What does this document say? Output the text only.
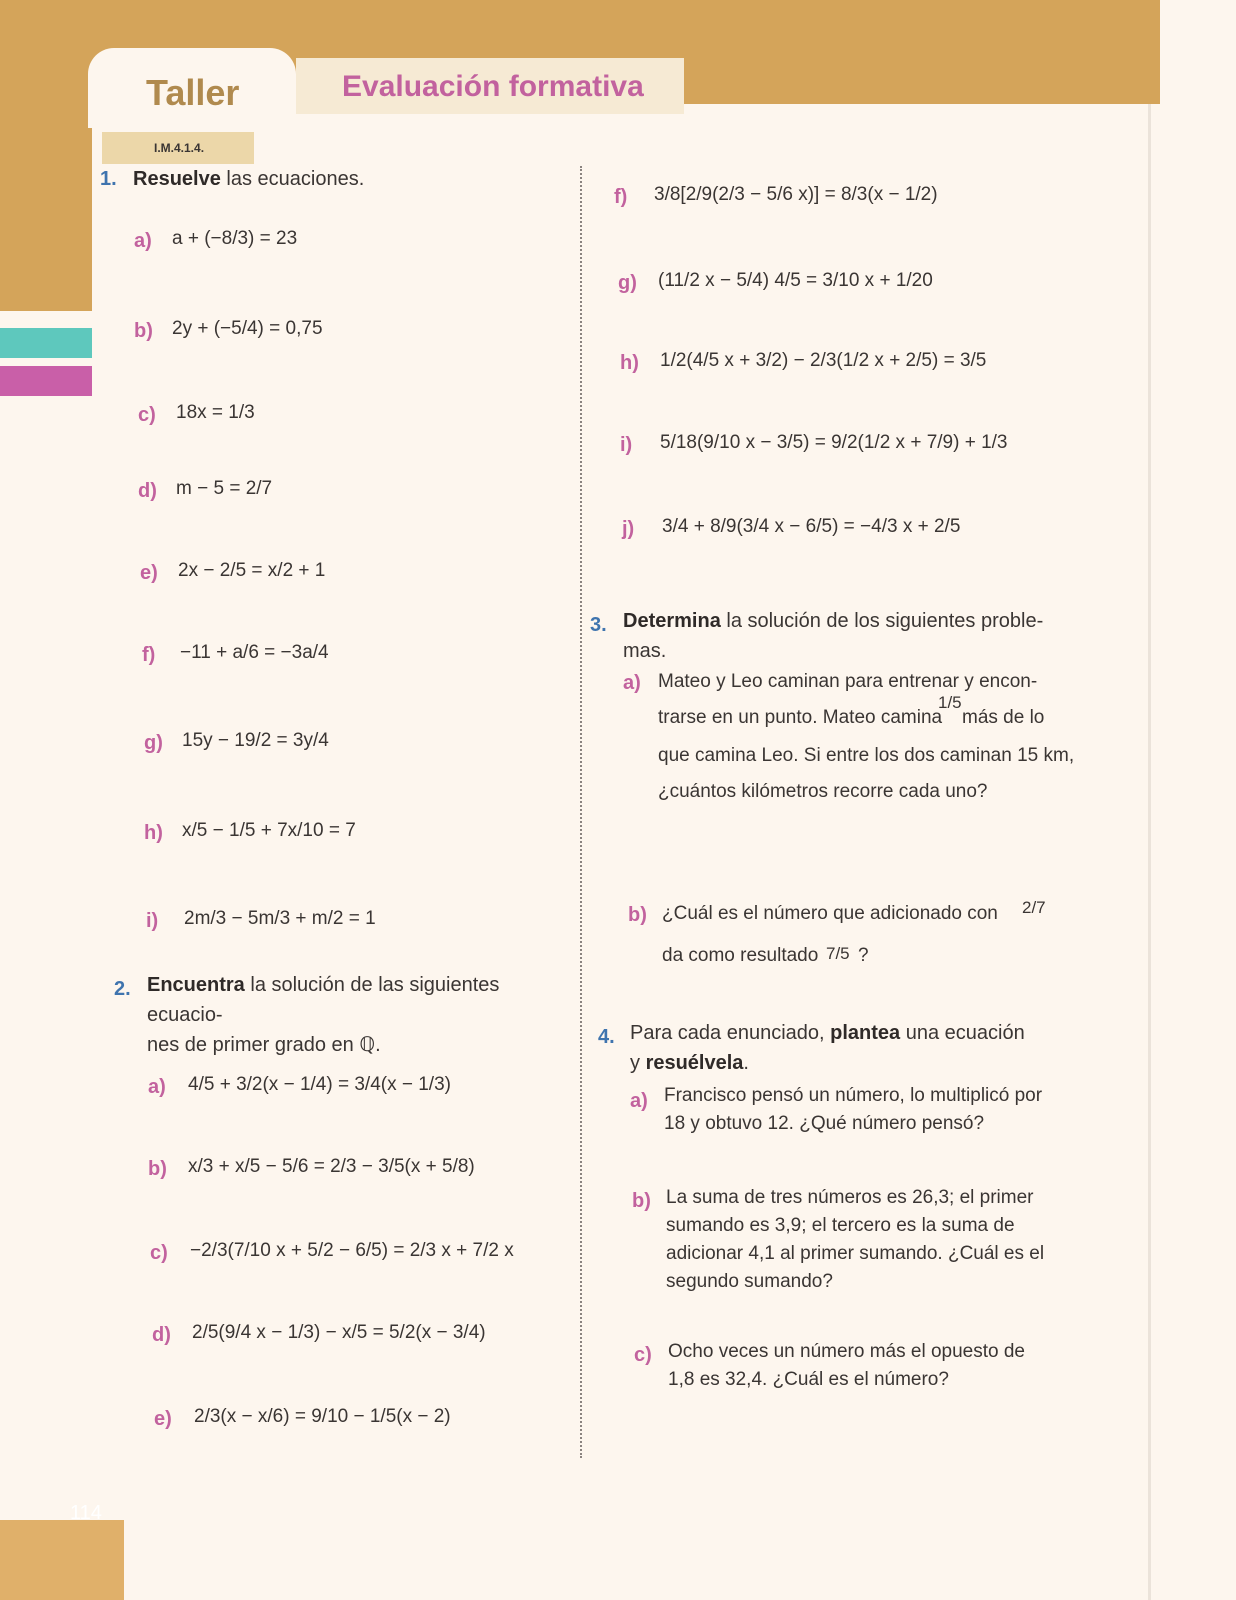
Taller	Evaluación formativa
I.M.4.1.4.
114
1. Resuelve las ecuaciones.
a) a + (−8/3) = 23
b) 2y + (−5/4) = 0,75
c) 18x = 1/3
d) m − 5 = 2/7
e) 2x − 2/5 = x/2 + 1
f) −11 + a/6 = −3a/4
g) 15y − 19/2 = 3y/4
h) x/5 − 1/5 + 7x/10 = 7
i) 2m/3 − 5m/3 + m/2 = 1
2. Encuentra la solución de las siguientes ecuacio-
nes de primer grado en ℚ.
a) 4/5 + 3/2(x − 1/4) = 3/4(x − 1/3)
b) x/3 + x/5 − 5/6 = 2/3 − 3/5(x + 5/8)
c) −2/3(7/10 x + 5/2 − 6/5) = 2/3 x + 7/2 x
d) 2/5(9/4 x − 1/3) − x/5 = 5/2(x − 3/4)
e) 2/3(x − x/6) = 9/10 − 1/5(x − 2)
f) 3/8[2/9(2/3 − 5/6 x)] = 8/3(x − 1/2)
g) (11/2 x − 5/4) 4/5 = 3/10 x + 1/20
h) 1/2(4/5 x + 3/2) − 2/3(1/2 x + 2/5) = 3/5
i) 5/18(9/10 x − 3/5) = 9/2(1/2 x + 7/9) + 1/3
j) 3/4 + 8/9(3/4 x − 6/5) = −4/3 x + 2/5
3. Determina la solución de los siguientes proble-
mas.
a) Mateo y Leo caminan para entrenar y encon-
trarse en un punto. Mateo camina
1/5
más de lo
que camina Leo. Si entre los dos caminan 15 km,
¿cuántos kilómetros recorre cada uno?
b) ¿Cuál es el número que adicionado con 2/7
da como resultado 7/5 ?
4. Para cada enunciado, plantea una ecuación
y resuélvela.
a) Francisco pensó un número, lo multiplicó por
18 y obtuvo 12. ¿Qué número pensó?
b) La suma de tres números es 26,3; el primer
sumando es 3,9; el tercero es la suma de
adicionar 4,1 al primer sumando. ¿Cuál es el
segundo sumando?
c) Ocho veces un número más el opuesto de
1,8 es 32,4. ¿Cuál es el número?
